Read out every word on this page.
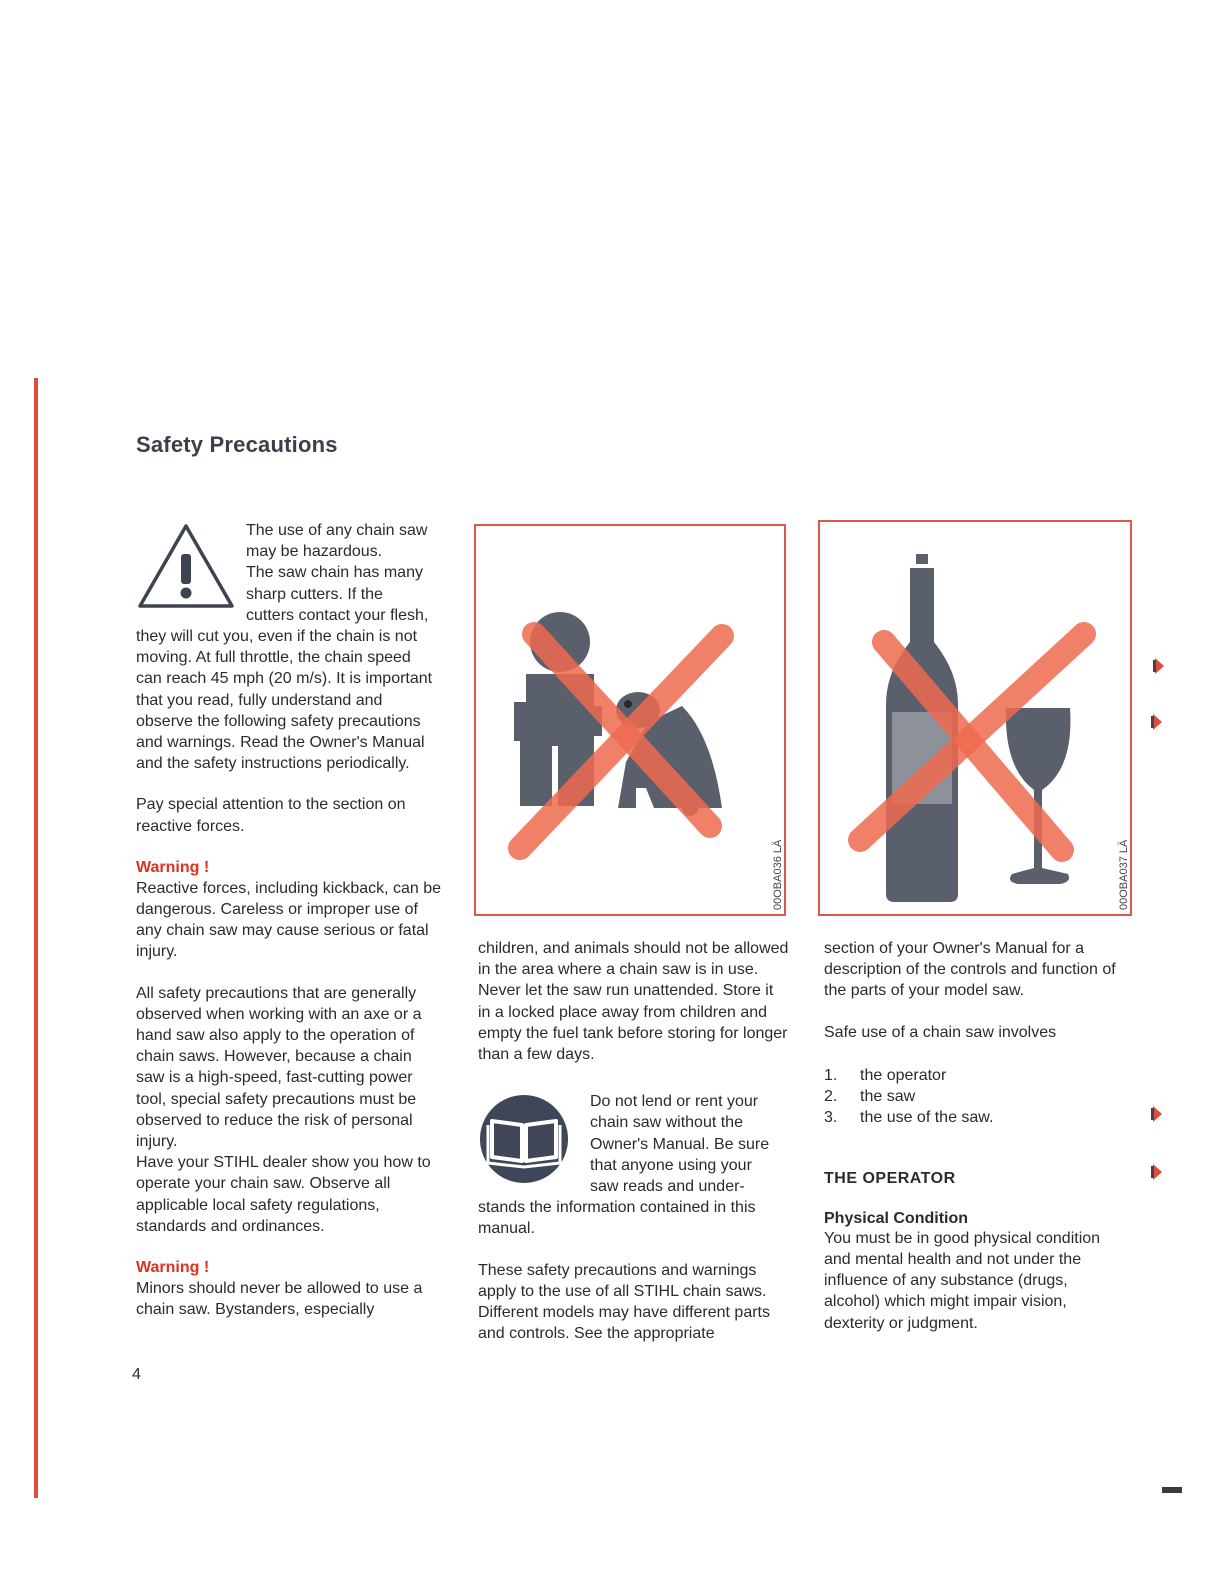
Safety Precautions
The use of any chain saw
may be hazardous.
The saw chain has many
sharp cutters. If the
cutters contact your flesh,

they will cut you, even if the chain is not moving. At full throttle, the chain speed can reach 45 mph (20 m/s). It is important that you read, fully understand and observe the following safety precautions and warnings. Read the Owner's Manual and the safety instructions periodically.

Pay special attention to the section on reactive forces.

Warning !

Reactive forces, including kickback, can be dangerous. Careless or improper use of any chain saw may cause serious or fatal injury.

All safety precautions that are generally observed when working with an axe or a hand saw also apply to the operation of chain saws. However, because a chain saw is a high-speed, fast-cutting power tool, special safety precautions must be observed to reduce the risk of personal injury.

Have your STIHL dealer show you how to operate your chain saw. Observe all applicable local safety regulations, standards and ordinances.

Warning !

Minors should never be allowed to use a chain saw. Bystanders, especially

00OBA036 LÄ	00OBA037 LÄ

children, and animals should not be allowed in the area where a chain saw is in use. Never let the saw run unattended. Store it in a locked place away from children and empty the fuel tank before storing for longer than a few days.

Do not lend or rent your
chain saw without the
Owner's Manual. Be sure
that anyone using your
saw reads and under-

stands the information contained in this manual.

These safety precautions and warnings apply to the use of all STIHL chain saws. Different models may have different parts and controls. See the appropriate

section of your Owner's Manual for a description of the controls and function of the parts of your model saw.

Safe use of a chain saw involves

1.	the operator
2.	the saw
3.	the use of the saw.
THE OPERATOR
Physical Condition

You must be in good physical condition and mental health and not under the influence of any substance (drugs, alcohol) which might impair vision, dexterity or judgment.

4
